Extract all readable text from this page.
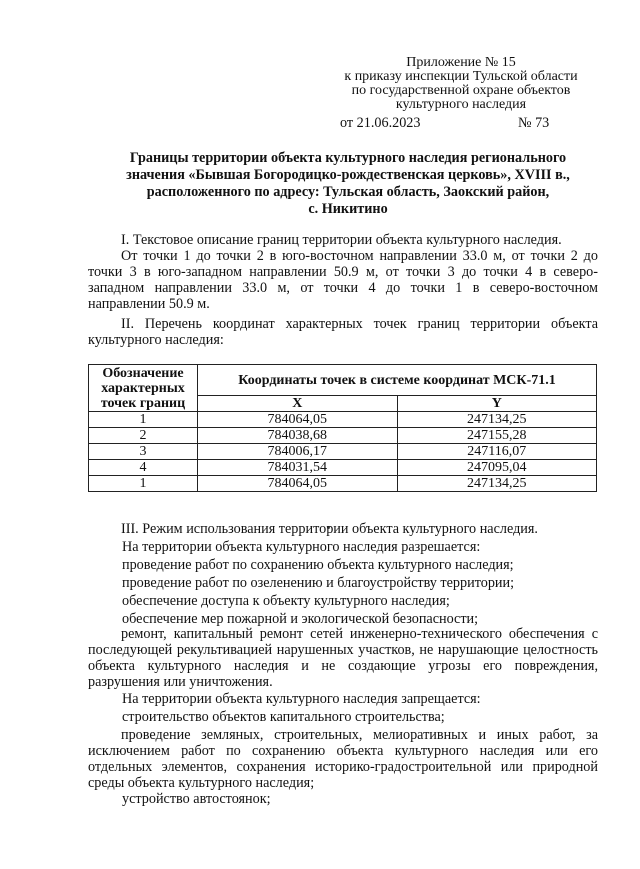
Приложение № 15
к приказу инспекции Тульской области
по государственной охране объектов
культурного наследия
от 21.06.2023	№ 73
Границы территории объекта культурного наследия регионального
значения «Бывшая Богородицко-рождественская церковь», XVIII в.,
расположенного по адресу: Тульская область, Заокский район,
с. Никитино
I. Текстовое описание границ территории объекта культурного наследия.
От точки 1 до точки 2 в юго-восточном направлении 33.0 м, от точки 2 до точки 3 в юго-западном направлении 50.9 м, от точки 3 до точки 4 в северо-западном направлении 33.0 м, от точки 4 до точки 1 в северо-восточном направлении 50.9 м.
II. Перечень координат характерных точек границ территории объекта культурного наследия:
Обозначение характерных точек границ	Координаты точек в системе координат МСК-71.1	
	X	Y
1	784064,05	247134,25
2	784038,68	247155,28
3	784006,17	247116,07
4	784031,54	247095,04
1	784064,05	247134,25
III. Режим использования территории объекта культурного наследия.
На территории объекта культурного наследия разрешается:
проведение работ по сохранению объекта культурного наследия;
проведение работ по озеленению и благоустройству территории;
обеспечение доступа к объекту культурного наследия;
обеспечение мер пожарной и экологической безопасности;
ремонт, капитальный ремонт сетей инженерно-технического обеспечения с последующей рекультивацией нарушенных участков, не нарушающие целостность объекта культурного наследия и не создающие угрозы его повреждения, разрушения или уничтожения.
На территории объекта культурного наследия запрещается:
строительство объектов капитального строительства;
проведение земляных, строительных, мелиоративных и иных работ, за исключением работ по сохранению объекта культурного наследия или его отдельных элементов, сохранения историко-градостроительной или природной среды объекта культурного наследия;
устройство автостоянок;
